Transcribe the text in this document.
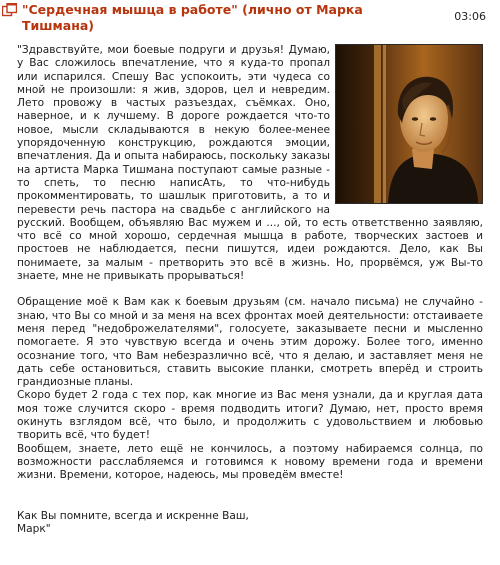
"Сердечная мышца в работе" (лично от Марка Тишмана)
03:06

"Здравствуйте, мои боевые подруги и друзья! Думаю, у Вас сложилось впечатление, что я куда-то пропал или испарился. Спешу Вас успокоить, эти чудеса со мной не произошли: я жив, здоров, цел и невредим. Лето провожу в частых разъездах, съёмках. Оно, наверное, и к лучшему. В дороге рождается что-то новое, мысли складываются в некую более-менее упорядоченную конструкцию, рождаются эмоции, впечатления. Да и опыта набираюсь, поскольку заказы на артиста Марка Тишмана поступают самые разные - то спеть, то песню написАть, то что-нибудь прокомментировать, то шашлык приготовить, а то и перевести речь пастора на свадьбе с английского на русский. Вообщем, объявляю Вас мужем и ..., ой, то есть ответственно заявляю, что всё со мной хорошо, сердечная мышца в работе, творческих застоев и простоев не наблюдается, песни пишутся, идеи рождаются. Дело, как Вы понимаете, за малым - претворить это всё в жизнь. Но, прорвёмся, уж Вы-то знаете, мне не привыкать прорываться!

Обращение моё к Вам как к боевым друзьям (см. начало письма) не случайно - знаю, что Вы со мной и за меня на всех фронтах моей деятельности: отстаиваете меня перед "недоброжелателями", голосуете, заказываете песни и мысленно помогаете. Я это чувствую всегда и очень этим дорожу. Более того, именно осознание того, что Вам небезразлично всё, что я делаю, и заставляет меня не дать себе остановиться, ставить высокие планки, смотреть вперёд и строить грандиозные планы.

Скоро будет 2 года с тех пор, как многие из Вас меня узнали, да и круглая дата моя тоже случится скоро - время подводить итоги? Думаю, нет, просто время окинуть взглядом всё, что было, и продолжить с удовольствием и любовью творить всё, что будет!

Вообщем, знаете, лето ещё не кончилось, а поэтому набираемся солнца, по возможности расслабляемся и готовимся к новому времени года и времени жизни. Времени, которое, надеюсь, мы проведём вместе!

Как Вы помните, всегда и искренне Ваш,

Марк"
